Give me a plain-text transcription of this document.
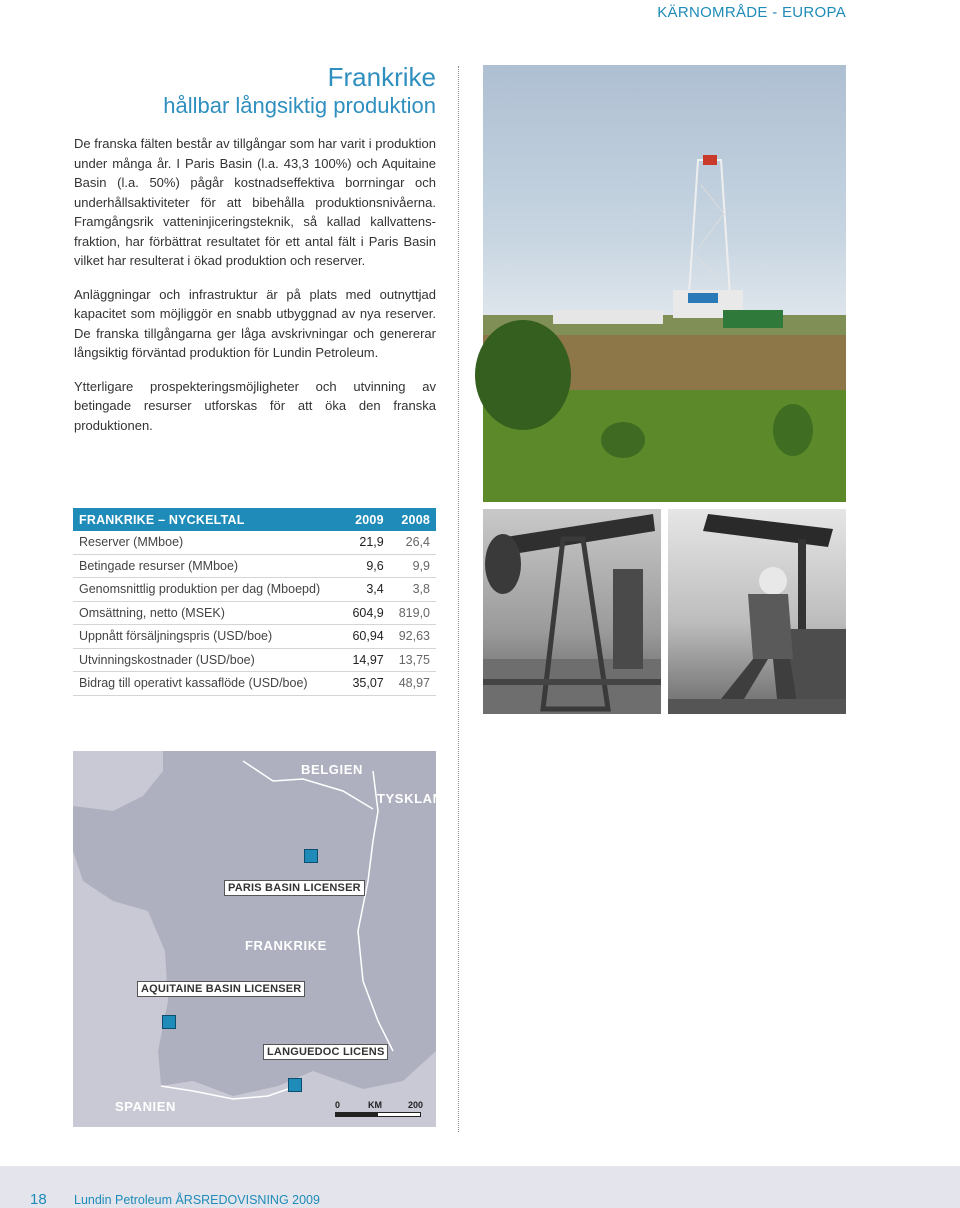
KÄRNOMRÅDE - EUROPA
Frankrike
hållbar långsiktig produktion

De franska fälten består av tillgångar som har varit i produktion under många år. I Paris Basin (l.a. 43,3 100%) och Aquitaine Basin (l.a. 50%) pågår kostnadseffektiva borrningar och underhållsaktiviteter för att bibehålla produktionsnivåerna. Framgångsrik vatteninjiceringsteknik, så kallad kallvattensfraktion, har förbättrat resultatet för ett antal fält i Paris Basin vilket har resulterat i ökad produktion och reserver.

Anläggningar och infrastruktur är på plats med outnyttjad kapacitet som möjliggör en snabb utbyggnad av nya reserver. De franska tillgångarna ger låga avskrivningar och genererar långsiktig förväntad produktion för Lundin Petroleum.

Ytterligare prospekteringsmöjligheter och utvinning av betingade resurser utforskas för att öka den franska produktionen.

FRANKRIKE – NYCKELTAL	2009	2008
Reserver (MMboe)	21,9	26,4
Betingade resurser (MMboe)	9,6	9,9
Genomsnittlig produktion per dag (Mboepd)	3,4	3,8
Omsättning, netto (MSEK)	604,9	819,0
Uppnått försäljningspris (USD/boe)	60,94	92,63
Utvinningskostnader (USD/boe)	14,97	13,75
Bidrag till operativt kassaflöde (USD/boe)	35,07	48,97
BELGIEN
TYSKLAND
FRANKRIKE
SPANIEN
PARIS BASIN LICENSER
AQUITAINE BASIN LICENSER
LANGUEDOC LICENS
0	KM	200
18 Lundin Petroleum ÅRSREDOVISNING 2009
